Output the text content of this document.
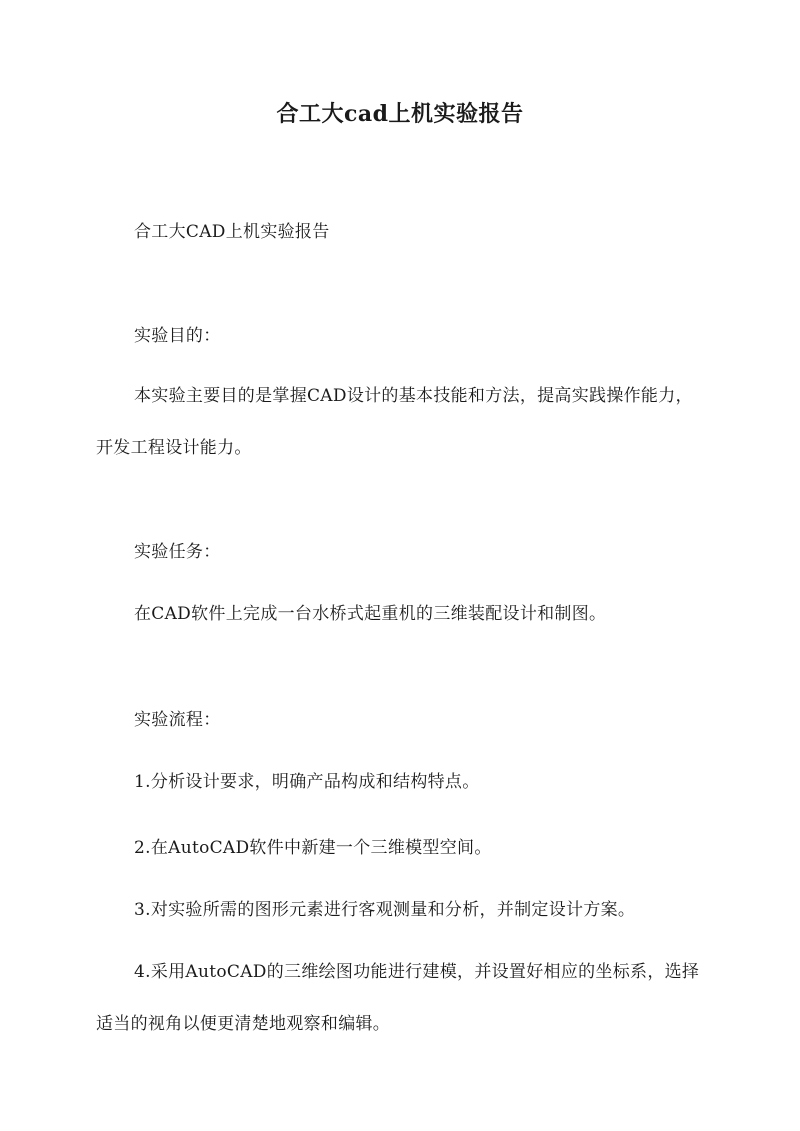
合工大cad上机实验报告

合工大CAD上机实验报告

实验目的：

本实验主要目的是掌握CAD设计的基本技能和方法，提高实践操作能力，开发工程设计能力。

实验任务：

在CAD软件上完成一台水桥式起重机的三维装配设计和制图。

实验流程：

1.分析设计要求，明确产品构成和结构特点。

2.在AutoCAD软件中新建一个三维模型空间。

3.对实验所需的图形元素进行客观测量和分析，并制定设计方案。

4.采用AutoCAD的三维绘图功能进行建模，并设置好相应的坐标系，选择适当的视角以便更清楚地观察和编辑。
